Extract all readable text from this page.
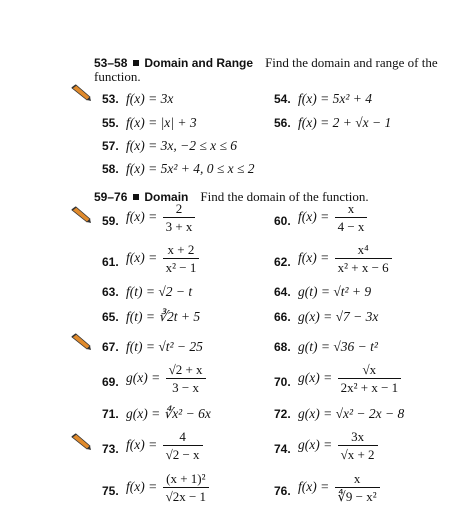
53–58 Domain and Range Find the domain and range of the
function.
53. f(x) = 3x	54. f(x) = 5x² + 4
55. f(x) = |x| + 3	56. f(x) = 2 + √x − 1
57. f(x) = 3x, −2 ≤ x ≤ 6
58. f(x) = 5x² + 4, 0 ≤ x ≤ 2
59–76 Domain Find the domain of the function.
59. $f(x) = \frac{2}{3 + x}$	60. $f(x) = \frac{x}{4 - x}$
61. $f(x) = \frac{x + 2}{\text{x² − 1}}$	62. $f(x) = \frac{\text{x⁴}}{\text{x² + x − 6}}$
63. f(t) = √2 − t	64. g(t) = √t² + 9
65. f(t) = ∛2t + 5	66. g(x) = √7 − 3x
67. f(t) = √t² − 25	68. g(t) = √36 − t²
69. $g(x) = \frac{√2 + x}{3 - x}$	70. $g(x) = \frac{√x}{\text{2x² + x − 1}}$
71. g(x) = ∜x² − 6x	72. g(x) = √x² − 2x − 8
73. $f(x) = \frac{4}{√2 - x}$	74. $g(x) = \frac{3x}{√x + 2}$
75. $f(x) = \frac{\text{(x + 1)²}}{√2x - 1}$	76. $f(x) = \frac{x}{\text{∜9 − x²}}$
